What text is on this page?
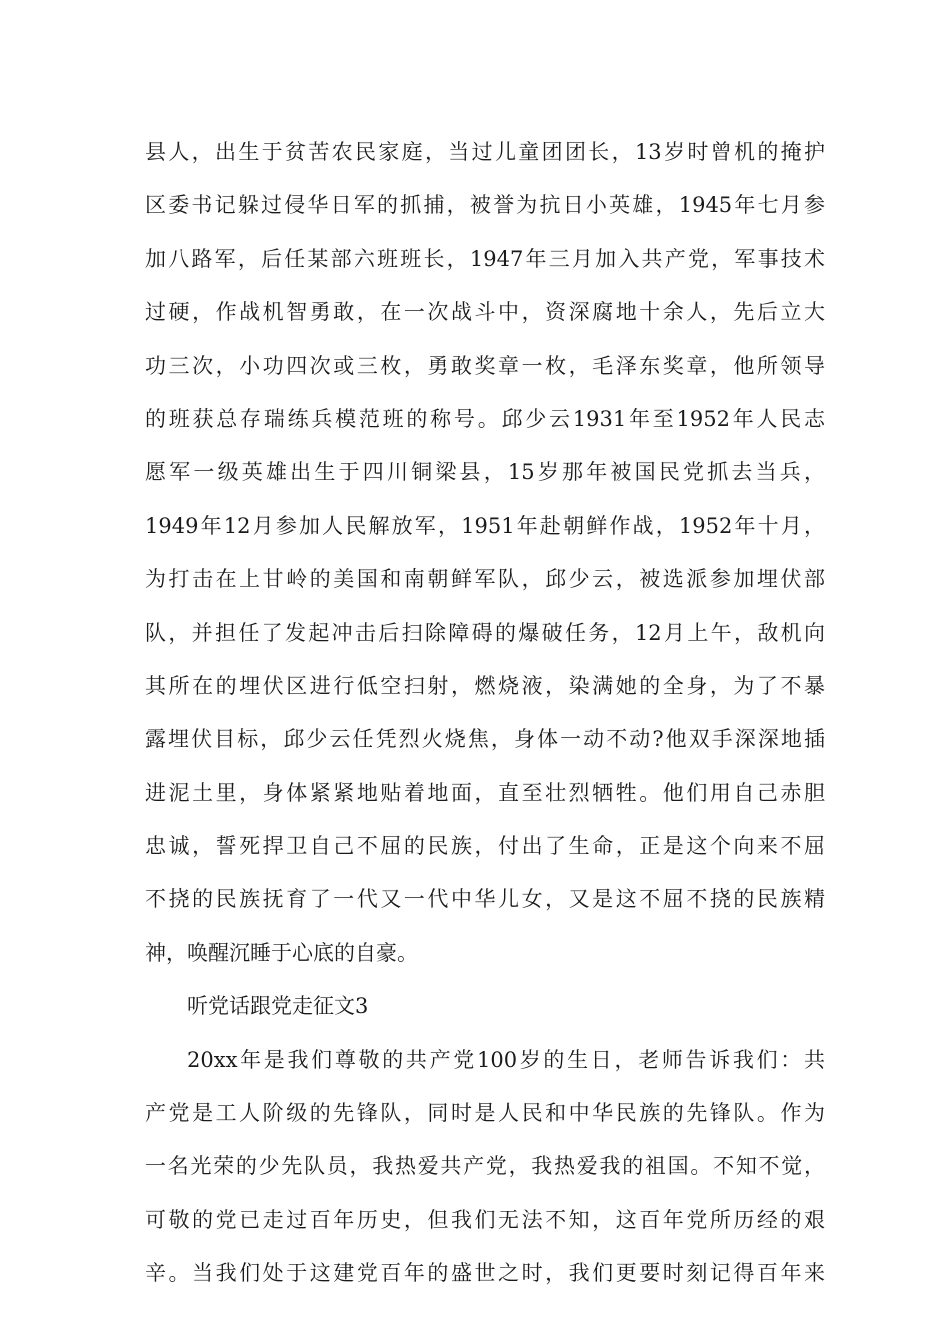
县人，出生于贫苦农民家庭，当过儿童团团长，13岁时曾机的掩护
区委书记躲过侵华日军的抓捕，被誉为抗日小英雄，1945年七月参
加八路军，后任某部六班班长，1947年三月加入共产党，军事技术
过硬，作战机智勇敢，在一次战斗中，资深腐地十余人，先后立大
功三次，小功四次或三枚，勇敢奖章一枚，毛泽东奖章，他所领导
的班获总存瑞练兵模范班的称号。邱少云1931年至1952年人民志
愿军一级英雄出生于四川铜梁县，15岁那年被国民党抓去当兵，
1949年12月参加人民解放军，1951年赴朝鲜作战，1952年十月，
为打击在上甘岭的美国和南朝鲜军队，邱少云，被选派参加埋伏部
队，并担任了发起冲击后扫除障碍的爆破任务，12月上午，敌机向
其所在的埋伏区进行低空扫射，燃烧液，染满她的全身，为了不暴
露埋伏目标，邱少云任凭烈火烧焦，身体一动不动?他双手深深地插
进泥土里，身体紧紧地贴着地面，直至壮烈牺牲。他们用自己赤胆
忠诚，誓死捍卫自己不屈的民族，付出了生命，正是这个向来不屈
不挠的民族抚育了一代又一代中华儿女，又是这不屈不挠的民族精
神，唤醒沉睡于心底的自豪。
听党话跟党走征文3
20xx年是我们尊敬的共产党100岁的生日，老师告诉我们：共
产党是工人阶级的先锋队，同时是人民和中华民族的先锋队。作为
一名光荣的少先队员，我热爱共产党，我热爱我的祖国。不知不觉，
可敬的党已走过百年历史，但我们无法不知，这百年党所历经的艰
辛。当我们处于这建党百年的盛世之时，我们更要时刻记得百年来
